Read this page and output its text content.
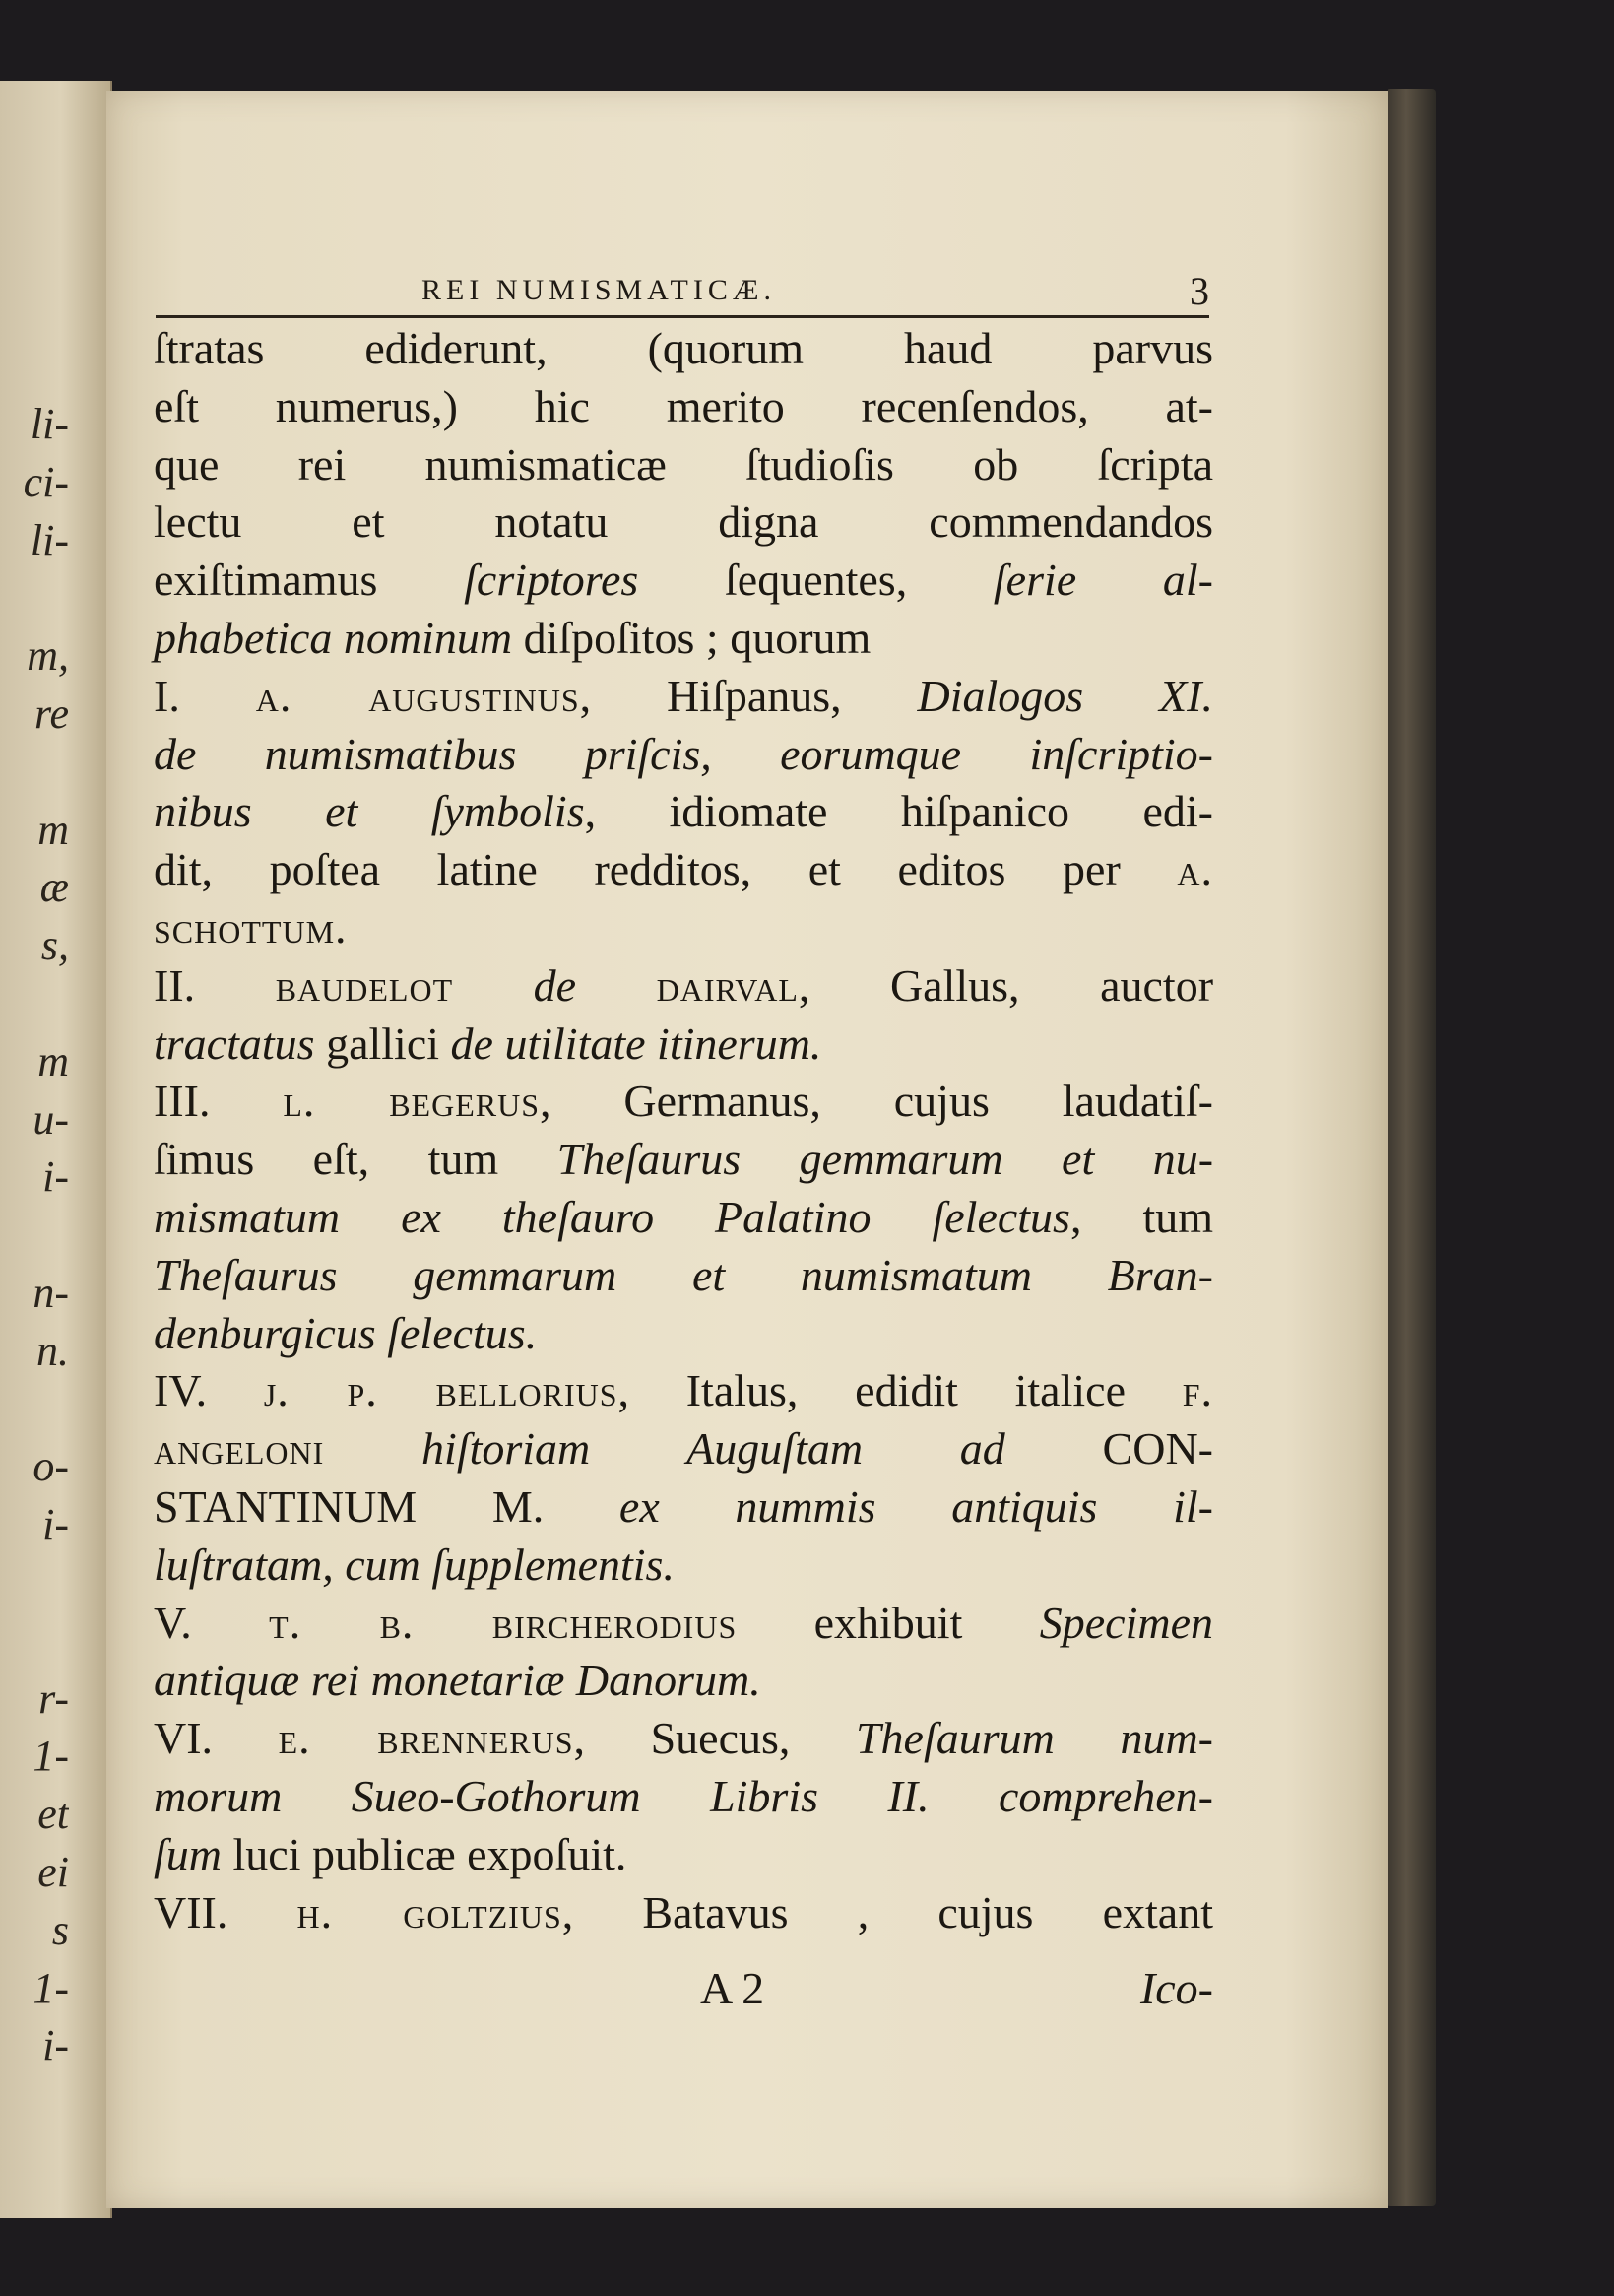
li-
ci-
li-
m,
re
m
æ
s,
m
u-
i-
n-
n.
o-
i-
r-
1-
et
ei
s
1-
i-
REI NUMISMATICÆ.	3
ſtratas ediderunt, (quorum haud parvus
eſt numerus,) hic merito recenſendos, at-
que rei numismaticæ ſtudioſis ob ſcripta
lectu et notatu digna commendandos
exiſtimamus ſcriptores ſequentes, ſerie al-
phabetica nominum diſpoſitos ; quorum
I. a. augustinus, Hiſpanus, Dialogos XI.
de numismatibus priſcis, eorumque inſcriptio-
nibus et ſymbolis, idiomate hiſpanico edi-
dit, poſtea latine redditos, et editos per a.
schottum.
II. baudelot de dairval, Gallus, auctor
tractatus gallici de utilitate itinerum.
III. l. begerus, Germanus, cujus laudatiſ-
ſimus eſt, tum Theſaurus gemmarum et nu-
mismatum ex theſauro Palatino ſelectus, tum
Theſaurus gemmarum et numismatum Bran-
denburgicus ſelectus.
IV. j. p. bellorius, Italus, edidit italice f.
angeloni hiſtoriam Auguſtam ad CON-
STANTINUM M. ex nummis antiquis il-
luſtratam, cum ſupplementis.
V. t. b. bircherodius exhibuit Specimen
antiquæ rei monetariæ Danorum.
VI. e. brennerus, Suecus, Theſaurum num-
morum Sueo-Gothorum Libris II. comprehen-
ſum luci publicæ expoſuit.
VII. h. goltzius, Batavus , cujus extant
A 2	Ico-
